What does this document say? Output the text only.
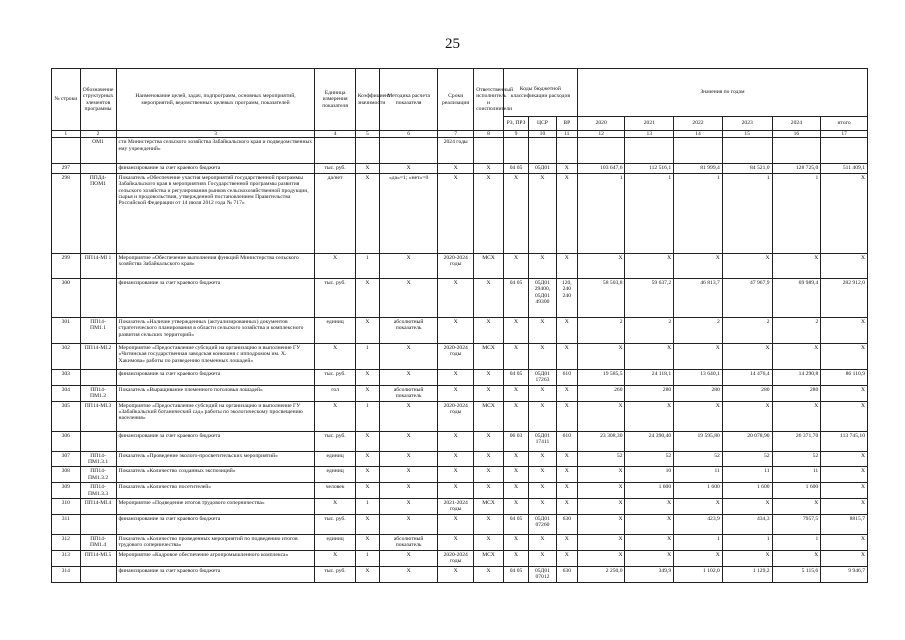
25
№ строки	Обозначение структурных элементов программы	Наименование целей, задач, подпрограмм, основных мероприятий, мероприятий, ведомственных целевых программ, показателей	Единица измерения показателя	Коэффициент значимости	Методика расчета показателя	Сроки реализации	Ответственный исполнитель и соисполнители	Коды бюджетной классификации расходов			Значения по годам					
								РЗ, ПРЗ	ЦСР	ВР	2020	2021	2022	2023	2024	итого
1	2	3	4	5	6	7	8	9	10	11	12	13	14	15	16	17
	ОМ1	сти Министерства сельского хозяйства Забайкальского края и подведомственных ему учреждений»				2024 годы										
297		финансирование за счет краевого бюджета	тыс. руб.	X	X	X	X	04 05	05Д01	X	103 647,6	112 516,1	81 999,4	84 521,0	128 725,0	511 409,1
298	ППД4-ПОМ1	Показатель «Обеспечение участия мероприятий государственной программы Забайкальского края в мероприятиях Государственной программы развития сельского хозяйства и регулирования рынков сельскохозяйственной продукции, сырья и продовольствия, утвержденной постановлением Правительства Российской Федерации от 14 июля 2012 года № 717»	да/нет	X	«да»=1; «нет»=0	X	X	X	X	X	1	1	1	1	1	X
299	ПП14-МI 1	Мероприятие «Обеспечение выполнения функций Министерства сельского хозяйства Забайкальского края»	X	1	X	2020-2024 годы	МСХ	X	X	X	X	X	X	X	X	X
300		финансирование за счет краевого бюджета	тыс. руб.	X	X	X	X	04 05	05Д01 29400, 05Д01 49300	120, 240 240	58 503,8	59 637,2	46 813,7	47 967,9	69 989,4	282 912,0
301	ПП14-ПМ1.1	Показатель «Наличие утвержденных (актуализированных) документов стратегического планирования в области сельского хозяйства и комплексного развития сельских территорий»	единиц	X	абсолютный показатель	X	X	X	X	X	2	2	2	2	2	X
302	ПП14-МI.2	Мероприятие «Предоставление субсидий на организацию и выполнение ГУ «Читинская государственная заводская конюшня с ипподромом им. Х. Хакимова» работы по разведению племенных лошадей»	X	1	X	2020-2024 годы	МСХ	X	X	X	X	X	X	X	X	X
303		финансирование за счет краевого бюджета	тыс. руб.	X	X	X	X	04 05	05Д01 17263	610	19 585,5	24 118,1	13 640,1	14 476,4	14 290,8	86 110,9
304	ПП14-ПМ1.2	Показатель «Выращивание племенного поголовья лошадей»	гол	X	абсолютный показатель	X	X	X	X	X	260	280	280	280	280	X
305	ПП14-МI.3	Мероприятие «Предоставление субсидий на организацию и выполнение ГУ «Забайкальский ботанический сад» работы по экологическому просвещению населения»	X	1	X	2020-2024 годы	МСХ	X	X	X	X	X	X	X	X	X
306		финансирование за счет краевого бюджета	тыс. руб.	X	X	X	X	06 03	05Д01 17411	610	23 308,30	24 390,40	19 595,80	20 078,90	26 371,70	113 745,10
307	ПП14-ПМ1.3.1	Показатель «Проведение эколого-просветительских мероприятий»	единиц	X	X	X	X	X	X	X	52	52	52	52	52	X
308	ПП14-ПМ1.3.2	Показатель «Количество созданных экспозиций»	единиц	X	X	X	X	X	X	X	X	10	11	11	11	X
309	ПП14-ПМ1.3.3	Показатель «Количество посетителей»	человек	X	X	X	X	X	X	X	X	1 600	1 600	1 600	1 600	X
310	ПП14-МI.4	Мероприятие «Подведение итогов трудового соперничества»	X	1	X	2021-2024 годы	МСХ	X	X	X	X	X	X	X	X	X
311		финансирование за счет краевого бюджета	тыс. руб.	X	X	X	X	04 05	05Д01 07260	630	X	X	423,9	434,3	7957,5	8815,7
312	ПП14-ПМ1.4	Показатель «Количество проведенных мероприятий по подведению итогов трудового соперничества»	единиц	X	абсолютный показатель	X	X	X	X	X	X	X	1	1	1	X
313	ПП14-МI.5	Мероприятие «Кадровое обеспечение агропромышленного комплекса»	X	1	X	2020-2024 годы	МСХ	X	X	X	X	X	X	X	X	X
314		финансирование за счет краевого бюджета	тыс. руб.	X	X	X	X	04 05	05Д01 07012	630	2 250,0	349,9	1 102,0	1 129,2	5 115,6	9 946,7
